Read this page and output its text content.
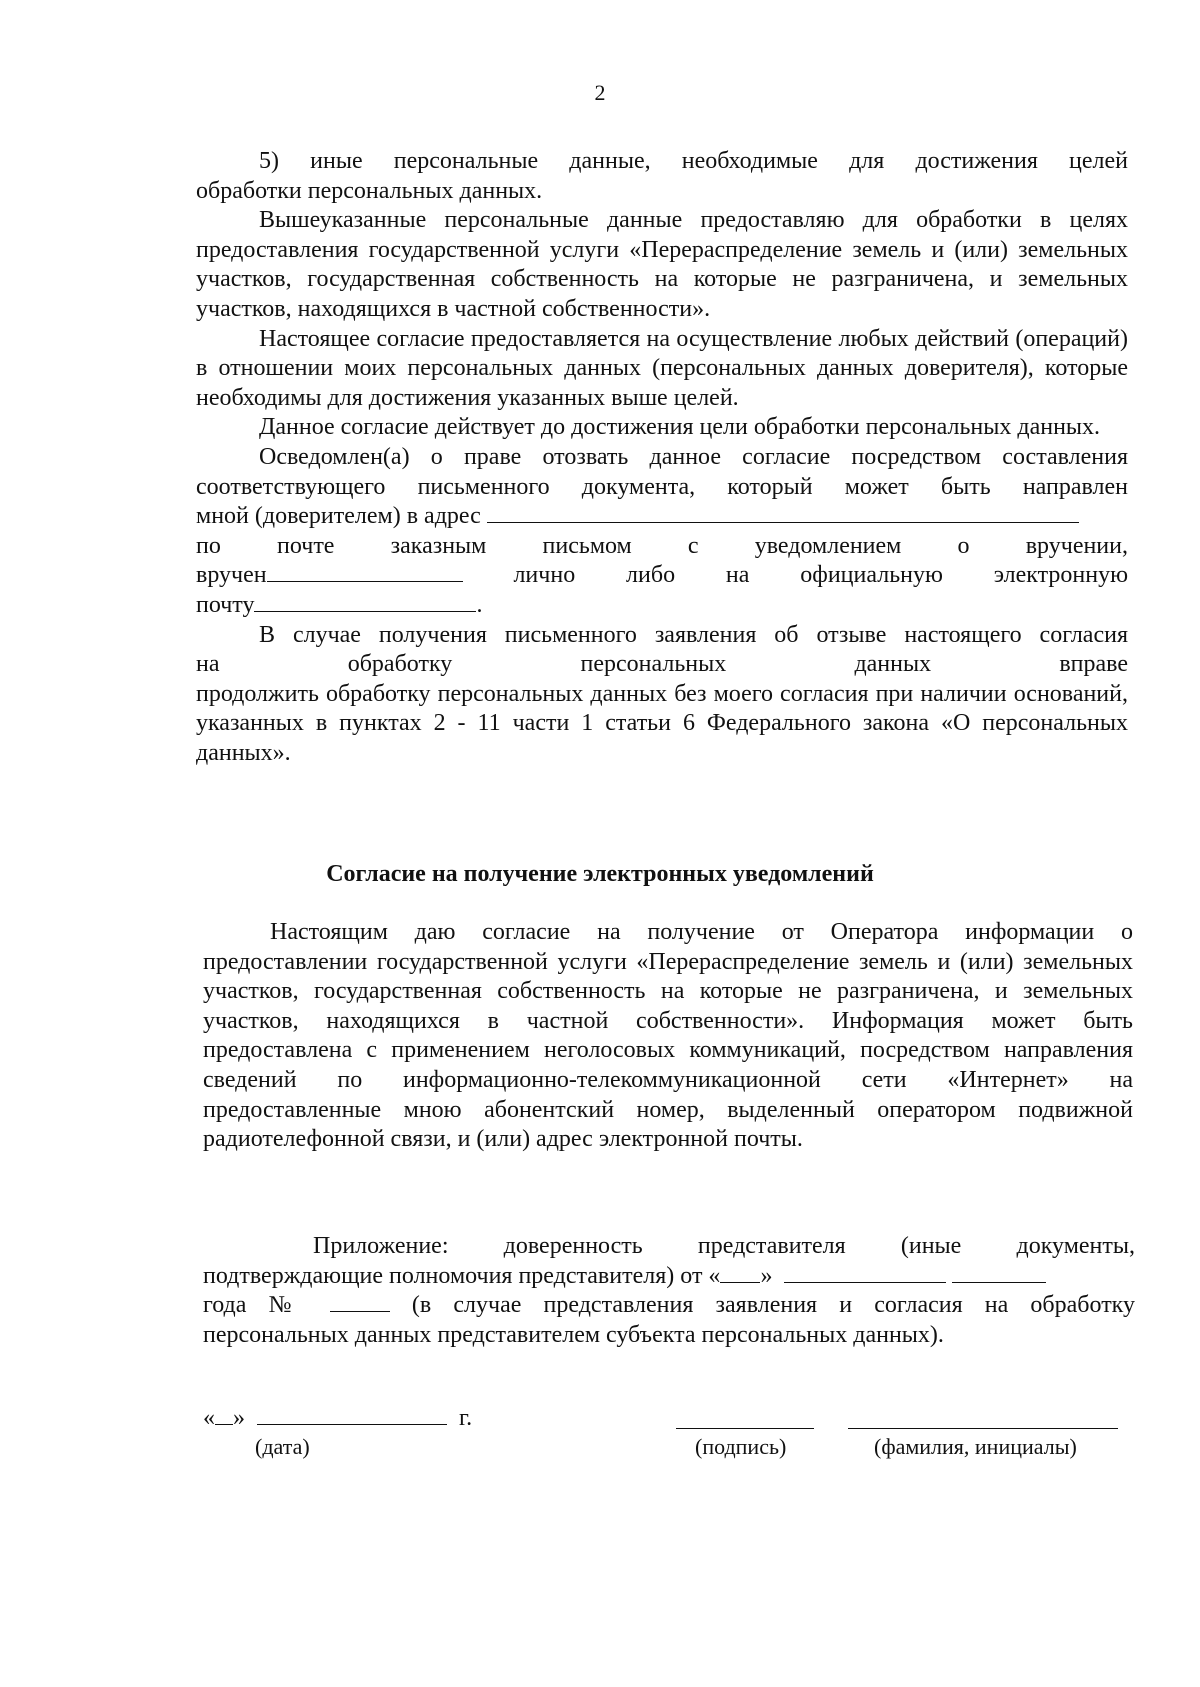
2

5) иные персональные данные, необходимые для достижения целей

обработки персональных данных.

Вышеуказанные персональные данные предоставляю для обработки в целях предоставления государственной услуги «Перераспределение земель и (или) земельных участков, государственная собственность на которые не разграничена, и земельных участков, находящихся в частной собственности».

Настоящее согласие предоставляется на осуществление любых действий (операций) в отношении моих персональных данных (персональных данных доверителя), которые необходимы для достижения указанных выше целей.

Данное согласие действует до достижения цели обработки персональных данных.

Осведомлен(а) о праве отозвать данное согласие посредством составления

соответствующего письменного документа, который может быть направлен

мной (доверителем) в адрес

по почте заказным письмом с уведомлением о вручении,

вручен	лично либо на официальную электронную

почту	.

В случае получения письменного заявления об отзыве настоящего согласия

на обработку персональных данных	вправе

продолжить обработку персональных данных без моего согласия при наличии оснований, указанных в пунктах 2 - 11 части 1 статьи 6 Федерального закона «О персональных данных».

Согласие на получение электронных уведомлений

Настоящим даю согласие на получение от Оператора информации о предоставлении государственной услуги «Перераспределение земель и (или) земельных участков, государственная собственность на которые не разграничена, и земельных участков, находящихся в частной собственности». Информация может быть предоставлена с применением неголосовых коммуникаций, посредством направления сведений по информационно-телекоммуникационной сети «Интернет» на предоставленные мною абонентский номер, выделенный оператором подвижной радиотелефонной связи, и (или) адрес электронной почты.

Приложение: доверенность представителя (иные документы,

подтверждающие полномочия представителя) от « »

года №	(в случае представления заявления и согласия на обработку

персональных данных представителем субъекта персональных данных).

« »	г.
(дата)	(подпись)	(фамилия, инициалы)
